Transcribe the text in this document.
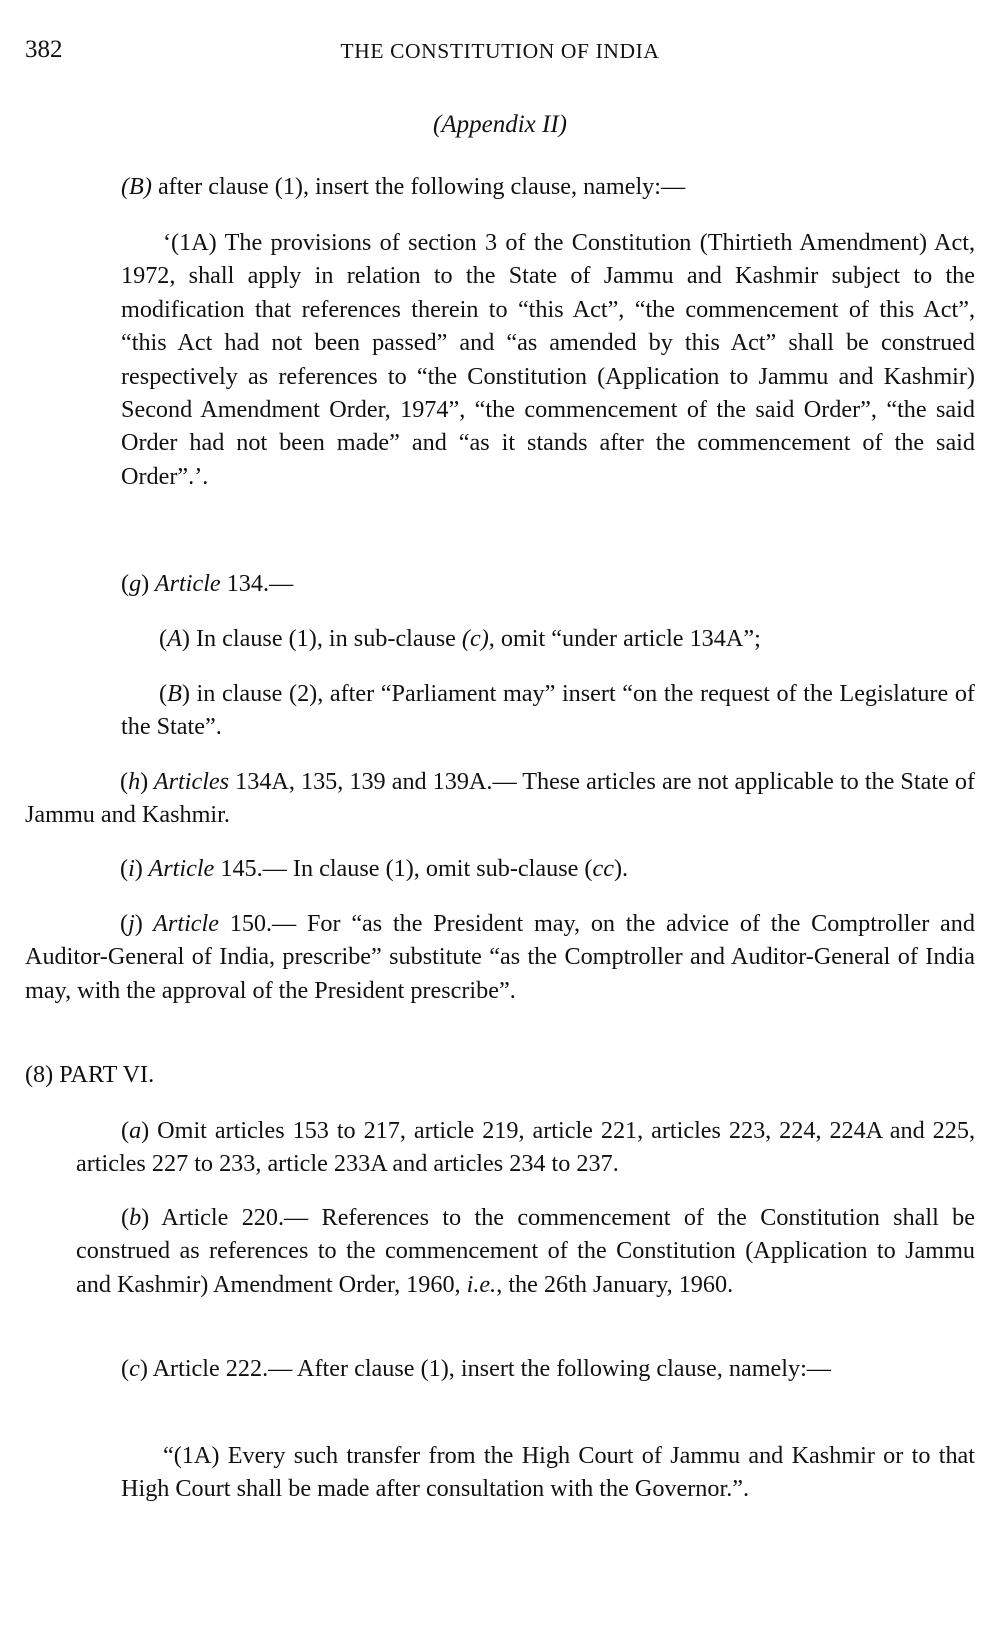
382	THE CONSTITUTION OF INDIA
(Appendix II)

(B) after clause (1), insert the following clause, namely:—

‘(1A) The provisions of section 3 of the Constitution (Thirtieth Amendment) Act, 1972, shall apply in relation to the State of Jammu and Kashmir subject to the modification that references therein to “this Act”, “the commencement of this Act”, “this Act had not been passed” and “as amended by this Act” shall be construed respectively as references to “the Constitution (Application to Jammu and Kashmir) Second Amendment Order, 1974”, “the commencement of the said Order”, “the said Order had not been made” and “as it stands after the commencement of the said Order”.’.

(g) Article 134.—

(A) In clause (1), in sub-clause (c), omit “under article 134A”;

(B) in clause (2), after “Parliament may” insert “on the request of the Legislature of the State”.

(h) Articles 134A, 135, 139 and 139A.— These articles are not applicable to the State of Jammu and Kashmir.

(i) Article 145.— In clause (1), omit sub-clause (cc).

(j) Article 150.— For “as the President may, on the advice of the Comptroller and Auditor-General of India, prescribe” substitute “as the Comptroller and Auditor-General of India may, with the approval of the President prescribe”.

(8) PART VI.

(a) Omit articles 153 to 217, article 219, article 221, articles 223, 224, 224A and 225, articles 227 to 233, article 233A and articles 234 to 237.

(b) Article 220.— References to the commencement of the Constitution shall be construed as references to the commencement of the Constitution (Application to Jammu and Kashmir) Amendment Order, 1960, i.e., the 26th January, 1960.

(c) Article 222.— After clause (1), insert the following clause, namely:—

“(1A) Every such transfer from the High Court of Jammu and Kashmir or to that High Court shall be made after consultation with the Governor.”.
